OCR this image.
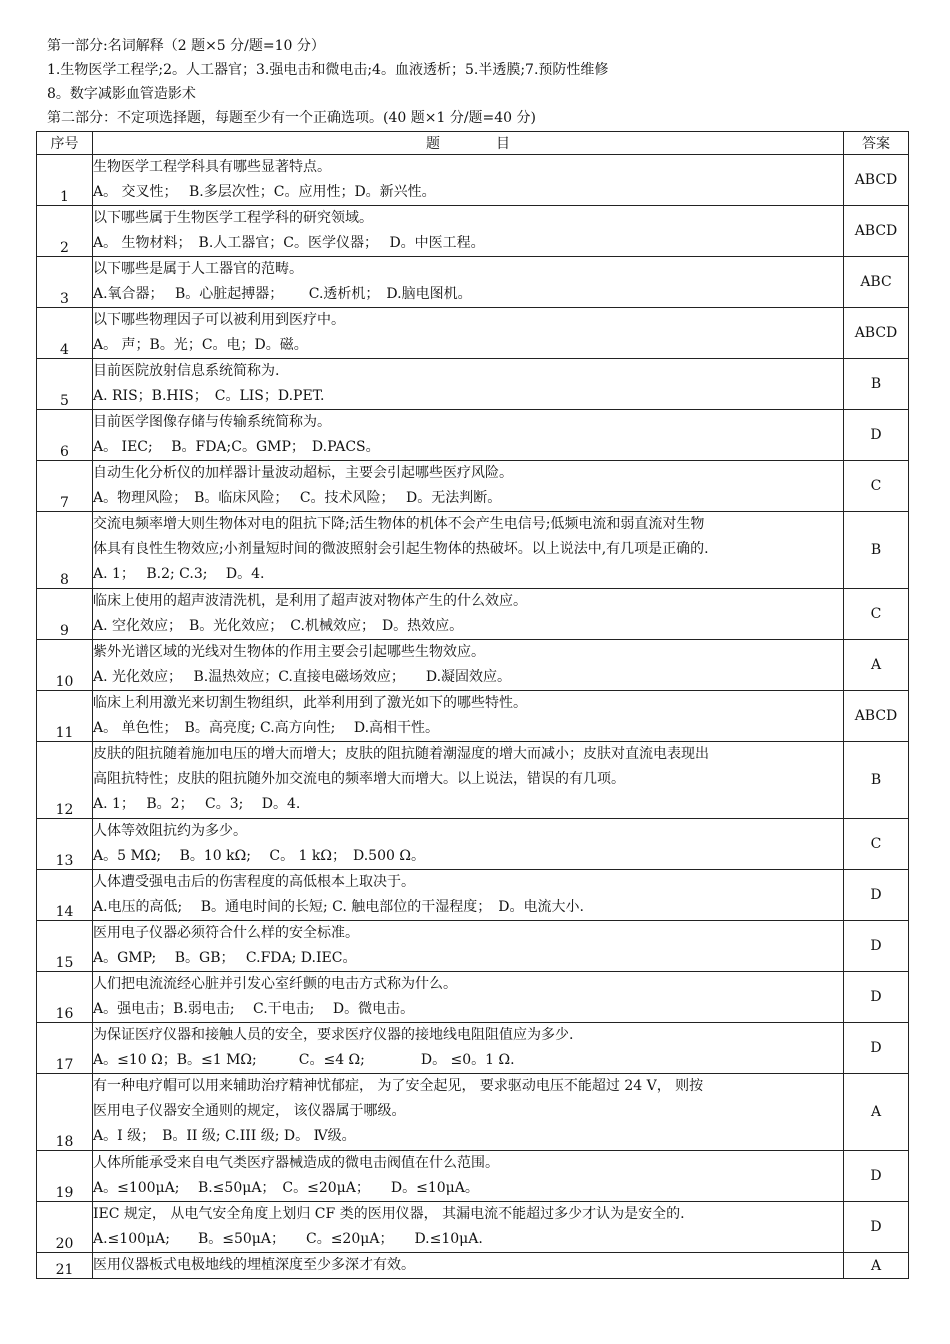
第一部分:名词解释（2 题×5 分/题=10 分）

1.生物医学工程学;2。人工器官；3.强电击和微电击;4。血液透析；5.半透膜;7.预防性维修

8。数字减影血管造影术

第二部分：不定项选择题，每题至少有一个正确选项。(40 题×1 分/题=40 分)

序号	题　　　　目	答案
1	生物医学工程学科具有哪些显著特点。
A。 交叉性；　 B.多层次性；C。应用性；D。新兴性。	ABCD
2	以下哪些属于生物医学工程学科的研究领域。
A。 生物材料；　B.人工器官；C。医学仪器；　 D。中医工程。	ABCD
3	以下哪些是属于人工器官的范畴。
A.氧合器；　 B。心脏起搏器；　　 C.透析机；　D.脑电图机。	ABC
4	以下哪些物理因子可以被利用到医疗中。
A。 声；B。光；C。电；D。磁。	ABCD
5	目前医院放射信息系统简称为.
A. RIS；B.HIS；　C。LIS；D.PET.	B
6	目前医学图像存储与传输系统简称为。
A。 IEC;　 B。FDA;C。GMP；　D.PACS。	D
7	自动生化分析仪的加样器计量波动超标，主要会引起哪些医疗风险。
A。物理风险；　B。临床风险；　 C。技术风险；　 D。无法判断。	C
8	交流电频率增大则生物体对电的阻抗下降;活生物体的机体不会产生电信号;低频电流和弱直流对生物
体具有良性生物效应;小剂量短时间的微波照射会引起生物体的热破坏。以上说法中,有几项是正确的.
A. 1；　 B.2; C.3;　 D。4.	B
9	临床上使用的超声波清洗机，是利用了超声波对物体产生的什么效应。
A. 空化效应；　B。光化效应；　C.机械效应；　D。热效应。	C
10	紫外光谱区域的光线对生物体的作用主要会引起哪些生物效应。
A. 光化效应；　 B.温热效应；C.直接电磁场效应；　　D.凝固效应。	A
11	临床上利用激光来切割生物组织，此举利用到了激光如下的哪些特性。
A。 单色性；　B。高亮度; C.高方向性;　 D.高相干性。	ABCD
12	皮肤的阻抗随着施加电压的增大而增大；皮肤的阻抗随着潮湿度的增大而减小；皮肤对直流电表现出
高阻抗特性；皮肤的阻抗随外加交流电的频率增大而增大。以上说法，错误的有几项。
A. 1；　 B。2；　 C。3;　 D。4.	B
13	人体等效阻抗约为多少。
A。5 MΩ;　 B。10 kΩ;　 C。 1 kΩ；　D.500 Ω。	C
14	人体遭受强电击后的伤害程度的高低根本上取决于。
A.电压的高低;　 B。通电时间的长短; C. 触电部位的干湿程度；　D。电流大小.	D
15	医用电子仪器必须符合什么样的安全标准。
A。GMP;　 B。GB；　 C.FDA; D.IEC。	D
16	人们把电流流经心脏并引发心室纤颤的电击方式称为什么。
A。强电击；B.弱电击;　 C.干电击;　 D。微电击。	D
17	为保证医疗仪器和接触人员的安全，要求医疗仪器的接地线电阻阻值应为多少.
A。≤10 Ω；B。≤1 MΩ;　　　C。≤4 Ω;　　　　D。 ≤0。1 Ω.	D
18	有一种电疗帽可以用来辅助治疗精神忧郁症， 为了安全起见， 要求驱动电压不能超过 24 V， 则按
医用电子仪器安全通则的规定， 该仪器属于哪级。
A。I 级；　B。II 级; C.III 级; D。 Ⅳ级。	A
19	人体所能承受来自电气类医疗器械造成的微电击阀值在什么范围。
A。≤100μA;　 B.≤50μA；　C。≤20μA；　　D。≤10μA。	D
20	IEC 规定， 从电气安全角度上划归 CF 类的医用仪器， 其漏电流不能超过多少才认为是安全的.
A.≤100μA;　　B。≤50μA；　　C。≤20μA；　　D.≤10μA.	D
21	医用仪器板式电极地线的埋植深度至少多深才有效。	A
